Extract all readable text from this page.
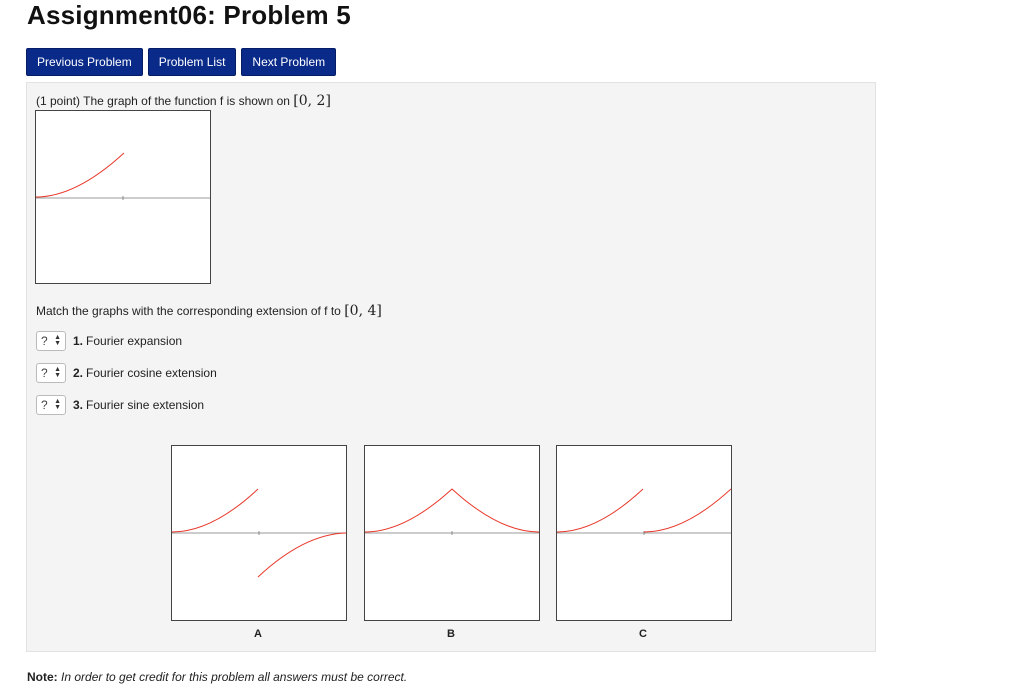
Assignment06: Problem 5
Previous Problem	Problem List	Next Problem
(1 point) The graph of the function f is shown on [0, 2]
Match the graphs with the corresponding extension of f to [0, 4]
? ▲
▼ 1. Fourier expansion
? ▲
▼ 2. Fourier cosine extension
? ▲
▼ 3. Fourier sine extension
A	B	C
Note: In order to get credit for this problem all answers must be correct.
